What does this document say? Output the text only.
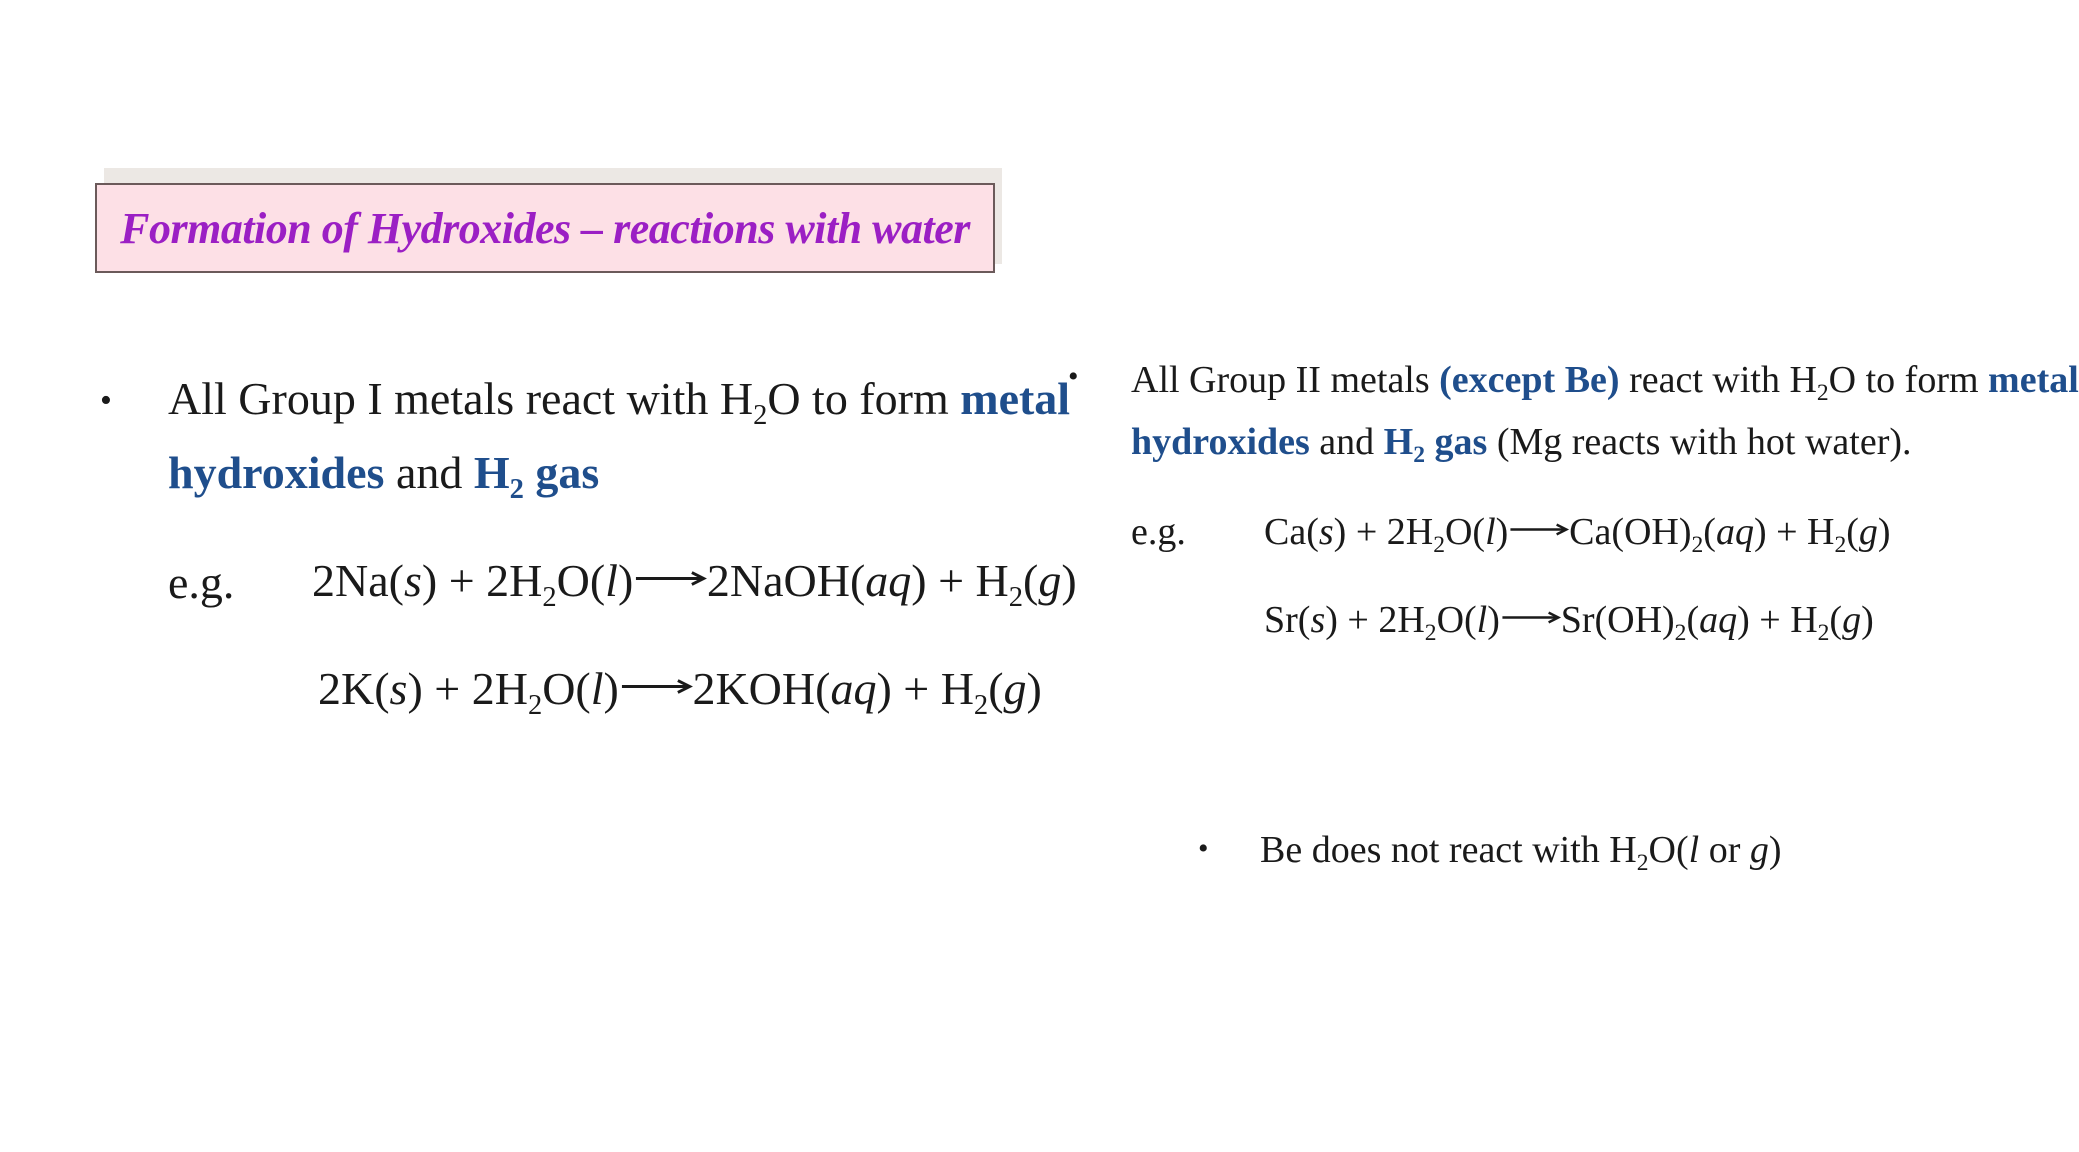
Formation of Hydroxides – reactions with water
• All Group I metals react with $H_2O$ to form metal
hydroxides and $H_2$ gas
e.g. $2Na(s) + 2H_2O(l)\to 2NaOH(aq) + H_2(g)$
$2K(s) + 2H_2O(l)\to 2KOH(aq) + H_2(g)$
• All Group II metals (except Be) react with $H_2O$ to form metal
hydroxides and $H_2$ gas (Mg reacts with hot water).
e.g. $Ca(s) + 2H_2O(l)\to Ca(OH)_2(aq) + H_2(g)$
$Sr(s) + 2H_2O(l)\to Sr(OH)_2(aq) + H_2(g)$
• Be does not react with $H_2O(l$ or g)
